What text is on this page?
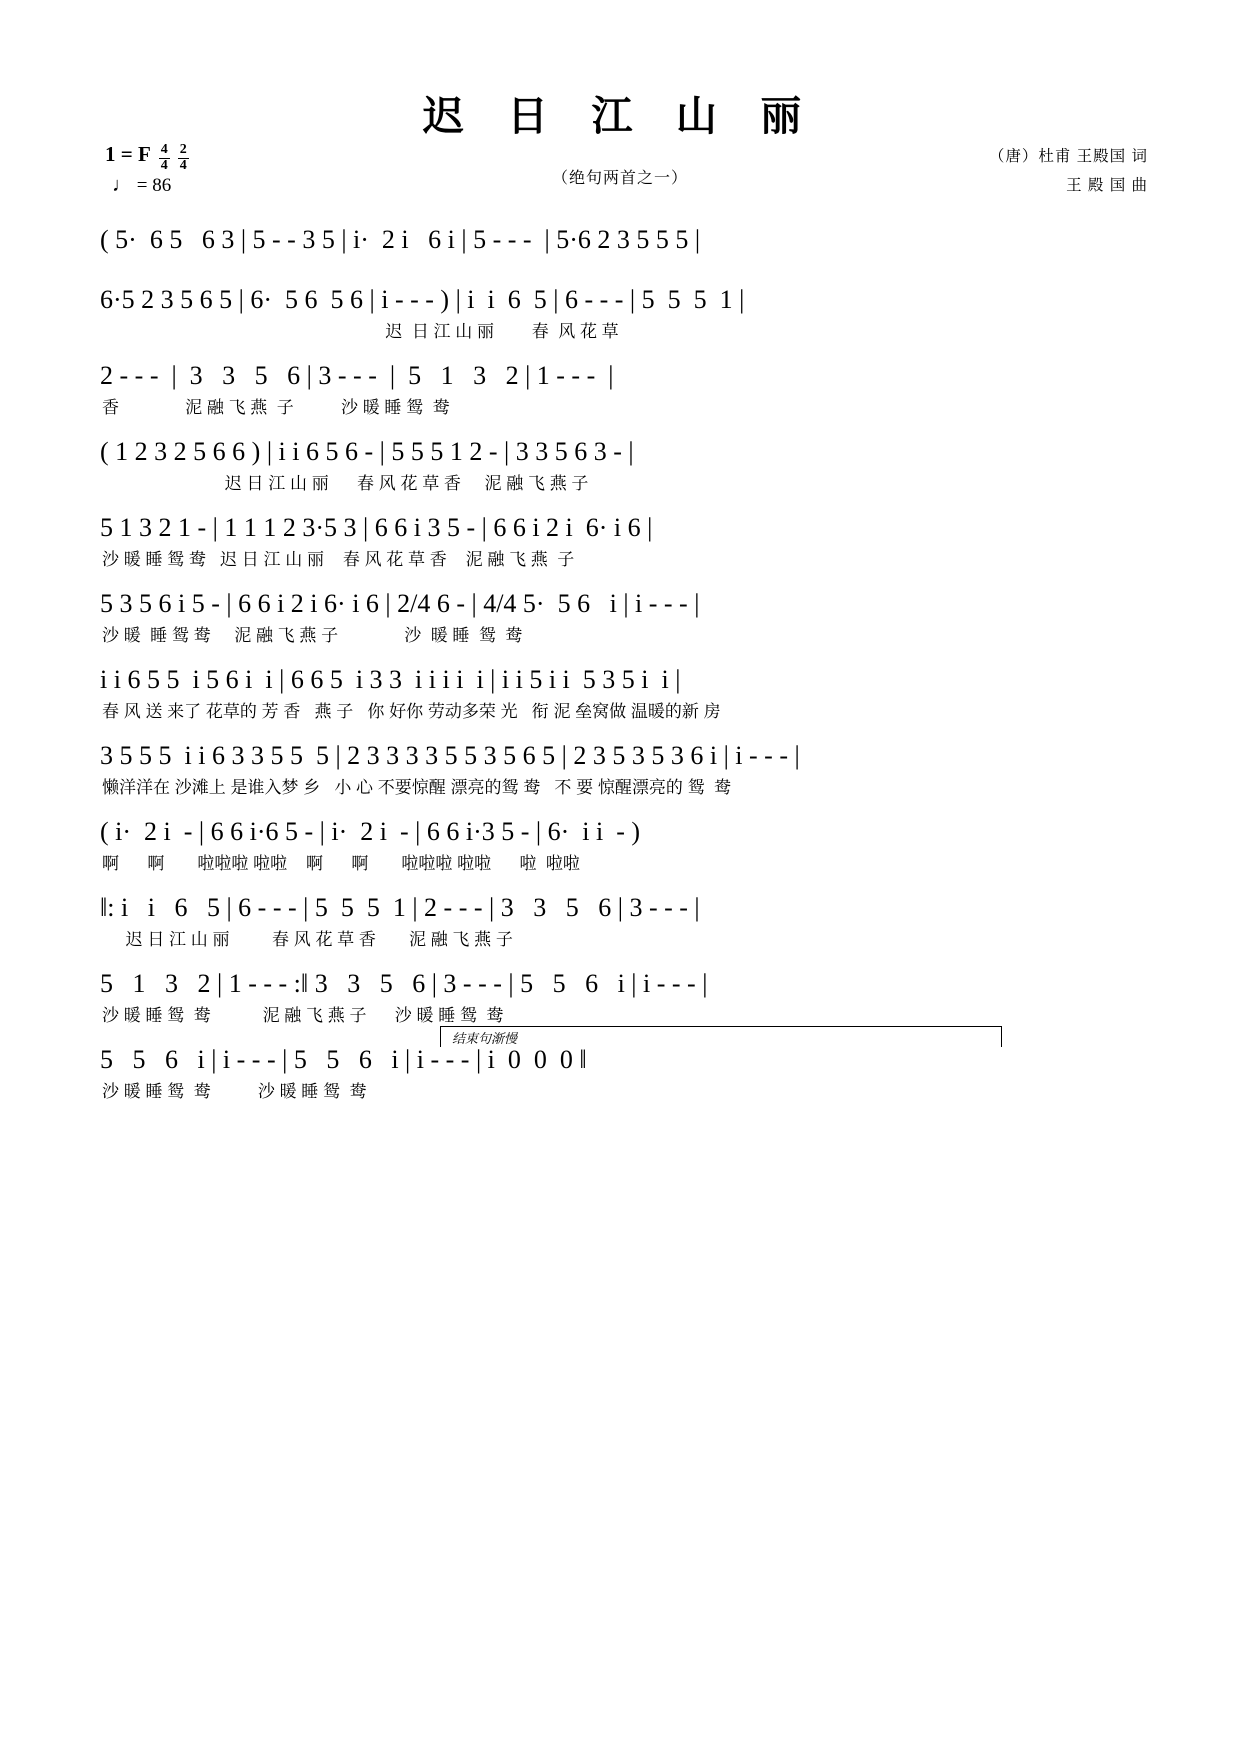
迟 日 江 山 丽
（绝句两首之一）
1 = F $\frac{4}{4} \frac{2}{4}$
♩ = 86
（唐）杜甫 王殿国 词
王 殿 国 曲
( 5·  6 5   6 3 | 5 - - 3 5 | i·  2 i   6 i | 5 - - -  | 5·6 2 3 5 5 5 |
6·5 2 3 5 6 5 | 6·  5 6  5 6 | i - - - ) | i  i  6  5 | 6 - - - | 5  5  5  1 |
迟  日 江 山 丽        春  风 花 草
2 - - -  |  3   3   5   6 | 3 - - -  |  5   1   3   2 | 1 - - -  |
香              泥 融 飞 燕  子          沙 暖 睡 鸳  鸯
( 1 2 3 2 5 6 6 ) | i i 6 5 6 - | 5 5 5 1 2 - | 3 3 5 6 3 - |
迟 日 江 山 丽      春 风 花 草 香     泥 融 飞 燕 子
5 1 3 2 1 - | 1 1 1 2 3·5 3 | 6 6 i 3 5 - | 6 6 i 2 i  6· i 6 |
沙 暖 睡 鸳 鸯   迟 日 江 山 丽    春 风 花 草 香    泥 融 飞 燕  子
5 3 5 6 i 5 - | 6 6 i 2 i 6· i 6 | 2/4 6 - | 4/4 5·  5 6   i | i - - - |
沙 暖  睡 鸳 鸯     泥 融 飞 燕 子              沙  暖 睡  鸳  鸯
i i 6 5 5  i 5 6 i  i | 6 6 5  i 3 3  i i i i  i | i i 5 i i  5 3 5 i  i |
春 风 送 来了 花草的 芳 香   燕 子   你 好你 劳动多荣 光   衔 泥 垒窝做 温暖的新 房
3 5 5 5  i i 6 3 3 5 5  5 | 2 3 3 3 3 5 5 3 5 6 5 | 2 3 5 3 5 3 6 i | i - - - |
懒洋洋在 沙滩上 是谁入梦 乡   小 心 不要惊醒 漂亮的鸳 鸯   不 要 惊醒漂亮的 鸳  鸯
( i·  2 i  - | 6 6 i·6 5 - | i·  2 i  - | 6 6 i·3 5 - | 6·  i i  - )
啊      啊       啦啦啦 啦啦    啊      啊       啦啦啦 啦啦      啦  啦啦
‖: i   i   6   5 | 6 - - - | 5  5  5  1 | 2 - - - | 3   3   5   6 | 3 - - - |
迟 日 江 山 丽         春 风 花 草 香       泥 融 飞 燕 子
5   1   3   2 | 1 - - - :‖ 3   3   5   6 | 3 - - - | 5   5   6   i | i - - - |
沙 暖 睡 鸳  鸯           泥 融 飞 燕 子      沙 暖 睡 鸳  鸯
结束句渐慢
5   5   6   i | i - - - | 5   5   6   i | i - - - | i  0  0  0 ‖
沙 暖 睡 鸳  鸯          沙 暖 睡 鸳  鸯
